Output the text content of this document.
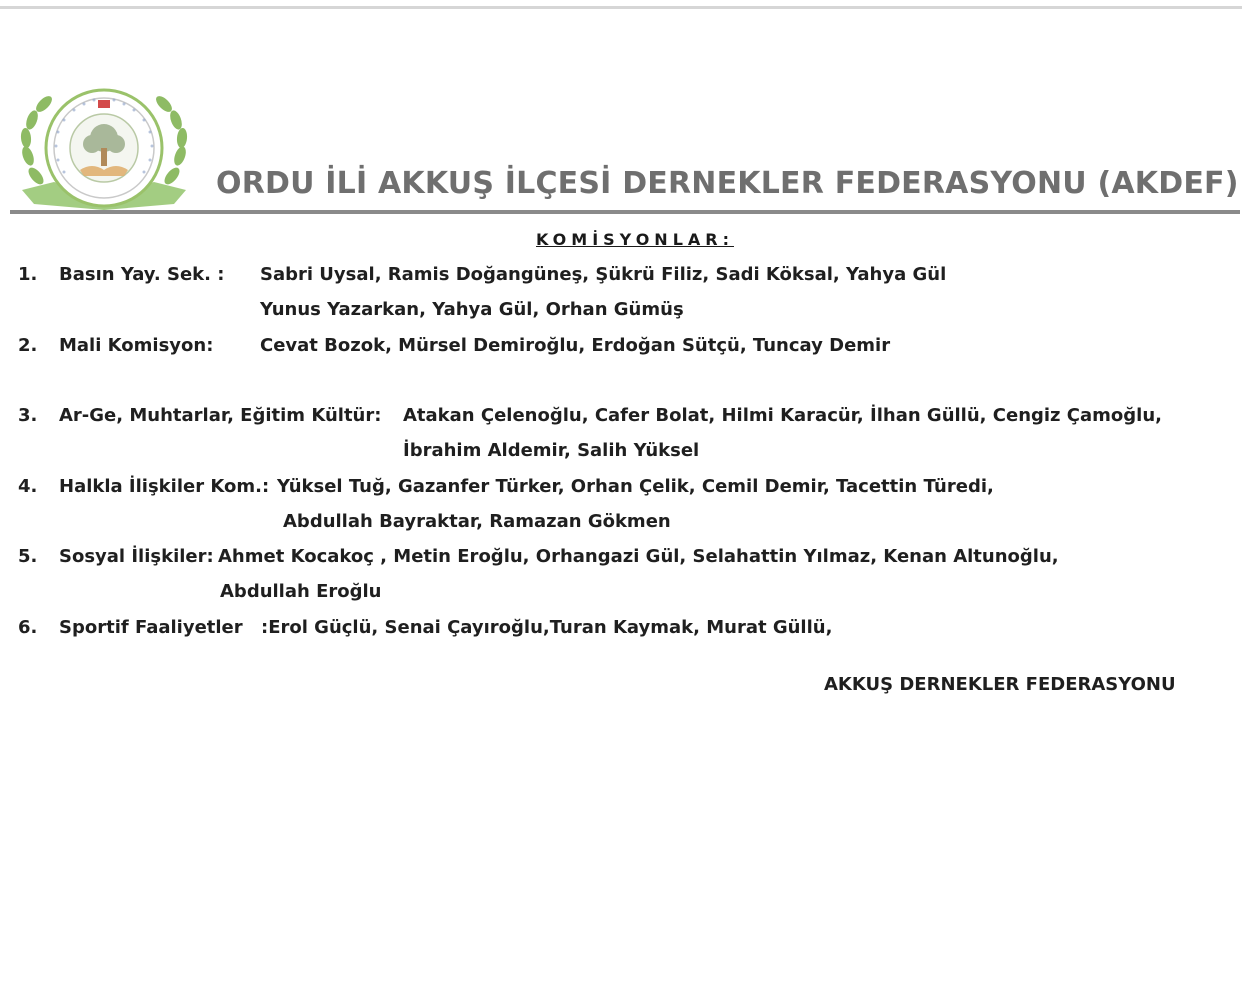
ORDU İLİ AKKUŞ İLÇESİ DERNEKLER FEDERASYONU (AKDEF)
KOMİSYONLAR:
1. Basın Yay. Sek. : Sabri Uysal, Ramis Doğangüneş, Şükrü Filiz, Sadi Köksal, Yahya Gül
Yunus Yazarkan, Yahya Gül, Orhan Gümüş
2. Mali Komisyon:	Cevat Bozok, Mürsel Demiroğlu, Erdoğan Sütçü, Tuncay Demir
3. Ar-Ge, Muhtarlar, Eğitim Kültür: Atakan Çelenoğlu, Cafer Bolat, Hilmi Karacür, İlhan Güllü, Cengiz Çamoğlu,
İbrahim Aldemir, Salih Yüksel
4. Halkla İlişkiler Kom.: Yüksel Tuğ, Gazanfer Türker, Orhan Çelik, Cemil Demir, Tacettin Türedi,
Abdullah Bayraktar, Ramazan Gökmen
5. Sosyal İlişkiler: Ahmet Kocakoç , Metin Eroğlu, Orhangazi Gül, Selahattin Yılmaz, Kenan Altunoğlu,
Abdullah Eroğlu
6. Sportif Faaliyetler :Erol Güçlü, Senai Çayıroğlu,Turan Kaymak, Murat Güllü,
AKKUŞ DERNEKLER FEDERASYONU
